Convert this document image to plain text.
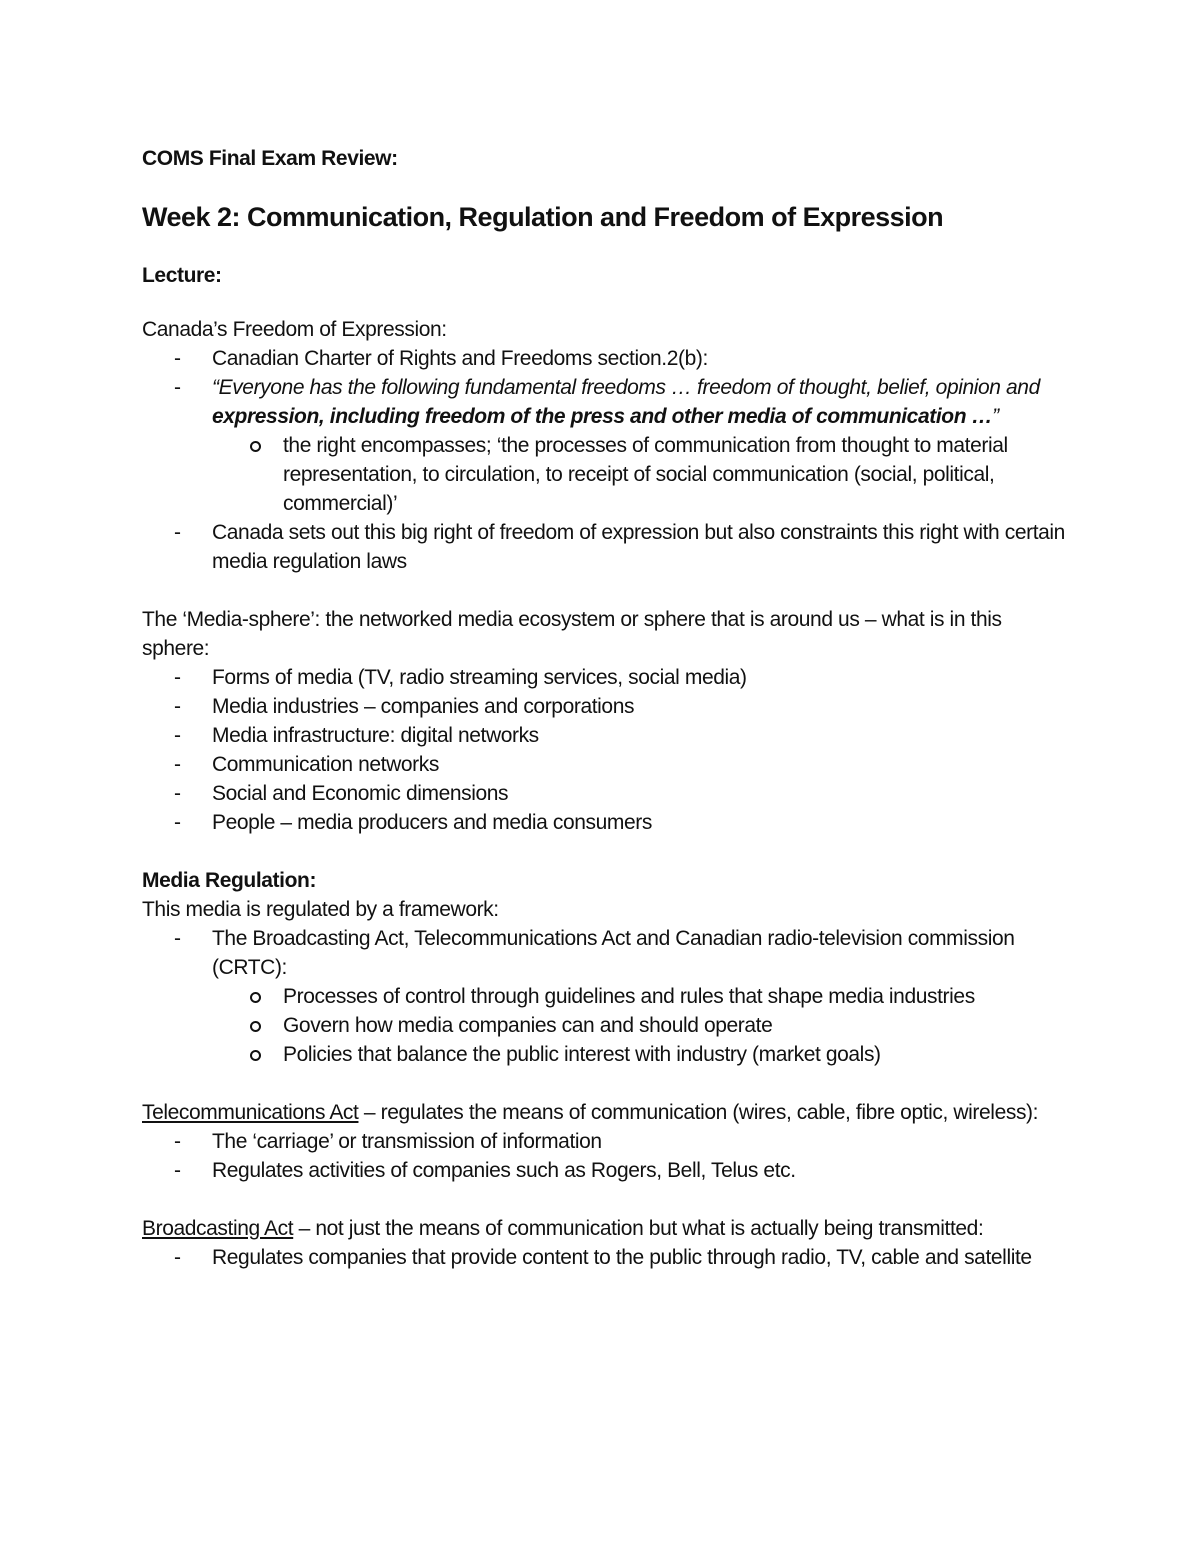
COMS Final Exam Review:

Week 2: Communication, Regulation and Freedom of Expression

Lecture:

Canada’s Freedom of Expression:

- Canadian Charter of Rights and Freedoms section.2(b):
- “Everyone has the following fundamental freedoms … freedom of thought, belief, opinion and expression, including freedom of the press and other media of communication …”
the right encompasses; ‘the processes of communication from thought to material representation, to circulation, to receipt of social communication (social, political, commercial)’
- Canada sets out this big right of freedom of expression but also constraints this right with certain media regulation laws

The ‘Media-sphere’: the networked media ecosystem or sphere that is around us – what is in this sphere:

- Forms of media (TV, radio streaming services, social media)
- Media industries – companies and corporations
- Media infrastructure: digital networks
- Communication networks
- Social and Economic dimensions
- People – media producers and media consumers

Media Regulation:

This media is regulated by a framework:

- The Broadcasting Act, Telecommunications Act and Canadian radio-television commission (CRTC):
Processes of control through guidelines and rules that shape media industries
Govern how media companies can and should operate
Policies that balance the public interest with industry (market goals)

Telecommunications Act – regulates the means of communication (wires, cable, fibre optic, wireless):

- The ‘carriage’ or transmission of information
- Regulates activities of companies such as Rogers, Bell, Telus etc.

Broadcasting Act – not just the means of communication but what is actually being transmitted:

- Regulates companies that provide content to the public through radio, TV, cable and satellite
